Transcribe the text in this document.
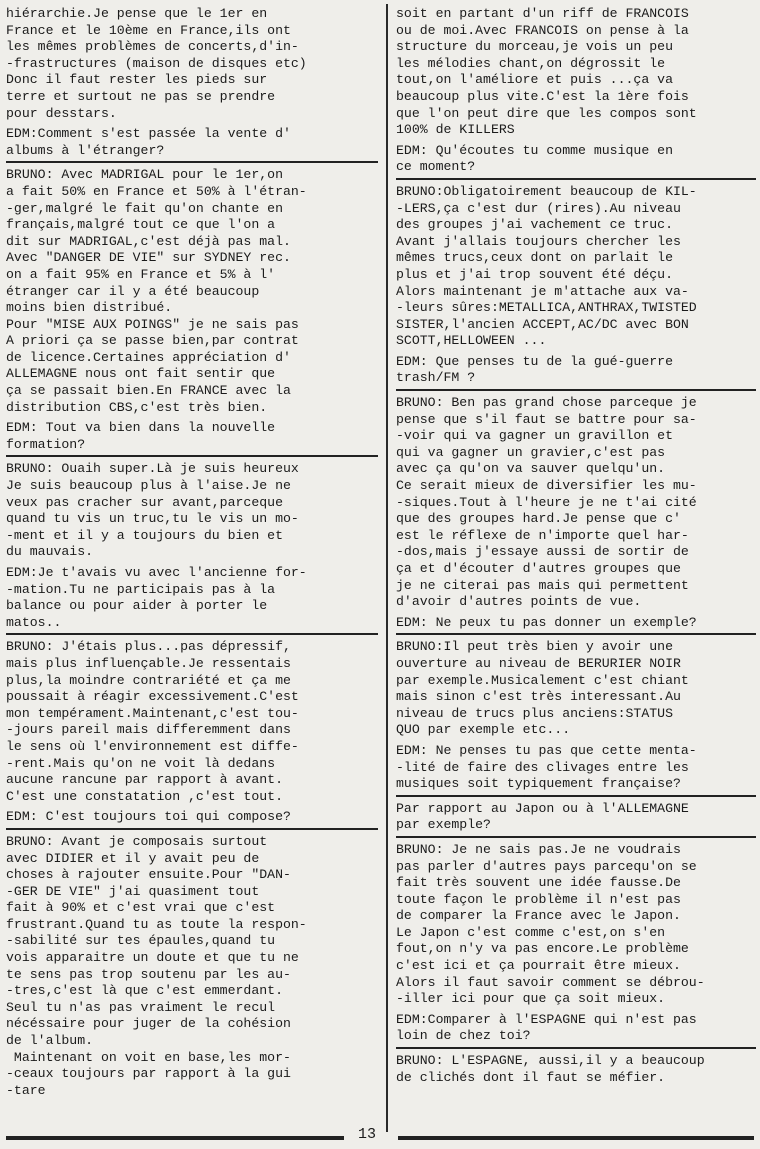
hiérarchie.Je pense que le 1er en
France et le 10ème en France,ils ont
les mêmes problèmes de concerts,d'in-
-frastructures (maison de disques etc)
Donc il faut rester les pieds sur
terre et surtout ne pas se prendre
pour desstars.

EDM:Comment s'est passée la vente d'
albums à l'étranger?

BRUNO: Avec MADRIGAL pour le 1er,on
a fait 50% en France et 50% à l'étran-
-ger,malgré le fait qu'on chante en
français,malgré tout ce que l'on a
dit sur MADRIGAL,c'est déjà pas mal.
Avec "DANGER DE VIE" sur SYDNEY rec.
on a fait 95% en France et 5% à l'
étranger car il y a été beaucoup
moins bien distribué.
Pour "MISE AUX POINGS" je ne sais pas
A priori ça se passe bien,par contrat
de licence.Certaines appréciation d'
ALLEMAGNE nous ont fait sentir que
ça se passait bien.En FRANCE avec la
distribution CBS,c'est très bien.

EDM: Tout va bien dans la nouvelle
formation?

BRUNO: Ouaih super.Là je suis heureux
Je suis beaucoup plus à l'aise.Je ne
veux pas cracher sur avant,parceque
quand tu vis un truc,tu le vis un mo-
-ment et il y a toujours du bien et
du mauvais.

EDM:Je t'avais vu avec l'ancienne for-
-mation.Tu ne participais pas à la
balance ou pour aider à porter le
matos..

BRUNO: J'étais plus...pas dépressif,
mais plus influençable.Je ressentais
plus,la moindre contrariété et ça me
poussait à réagir excessivement.C'est
mon tempérament.Maintenant,c'est tou-
-jours pareil mais differemment dans
le sens où l'environnement est diffe-
-rent.Mais qu'on ne voit là dedans
aucune rancune par rapport à avant.
C'est une constatation ,c'est tout.

EDM: C'est toujours toi qui compose?

BRUNO: Avant je composais surtout
avec DIDIER et il y avait peu de
choses à rajouter ensuite.Pour "DAN-
-GER DE VIE" j'ai quasiment tout
fait à 90% et c'est vrai que c'est
frustrant.Quand tu as toute la respon-
-sabilité sur tes épaules,quand tu
vois apparaitre un doute et que tu ne
te sens pas trop soutenu par les au-
-tres,c'est là que c'est emmerdant.
Seul tu n'as pas vraiment le recul
nécéssaire pour juger de la cohésion
de l'album.
Maintenant on voit en base,les mor-
-ceaux toujours par rapport à la gui
-tare

soit en partant d'un riff de FRANCOIS
ou de moi.Avec FRANCOIS on pense à la
structure du morceau,je vois un peu
les mélodies chant,on dégrossit le
tout,on l'améliore et puis ...ça va
beaucoup plus vite.C'est la 1ère fois
que l'on peut dire que les compos sont
100% de KILLERS

EDM: Qu'écoutes tu comme musique en
ce moment?

BRUNO:Obligatoirement beaucoup de KIL-
-LERS,ça c'est dur (rires).Au niveau
des groupes j'ai vachement ce truc.
Avant j'allais toujours chercher les
mêmes trucs,ceux dont on parlait le
plus et j'ai trop souvent été déçu.
Alors maintenant je m'attache aux va-
-leurs sûres:METALLICA,ANTHRAX,TWISTED
SISTER,l'ancien ACCEPT,AC/DC avec BON
SCOTT,HELLOWEEN ...

EDM: Que penses tu de la gué-guerre
trash/FM ?

BRUNO: Ben pas grand chose parceque je
pense que s'il faut se battre pour sa-
-voir qui va gagner un gravillon et
qui va gagner un gravier,c'est pas
avec ça qu'on va sauver quelqu'un.
Ce serait mieux de diversifier les mu-
-siques.Tout à l'heure je ne t'ai cité
que des groupes hard.Je pense que c'
est le réflexe de n'importe quel har-
-dos,mais j'essaye aussi de sortir de
ça et d'écouter d'autres groupes que
je ne citerai pas mais qui permettent
d'avoir d'autres points de vue.

EDM: Ne peux tu pas donner un exemple?

BRUNO:Il peut très bien y avoir une
ouverture au niveau de BERURIER NOIR
par exemple.Musicalement c'est chiant
mais sinon c'est très interessant.Au
niveau de trucs plus anciens:STATUS
QUO par exemple etc...

EDM: Ne penses tu pas que cette menta-
-lité de faire des clivages entre les
musiques soit typiquement française?

Par rapport au Japon ou à l'ALLEMAGNE
par exemple?

BRUNO: Je ne sais pas.Je ne voudrais
pas parler d'autres pays parcequ'on se
fait très souvent une idée fausse.De
toute façon le problème il n'est pas
de comparer la France avec le Japon.
Le Japon c'est comme c'est,on s'en
fout,on n'y va pas encore.Le problème
c'est ici et ça pourrait être mieux.
Alors il faut savoir comment se débrou-
-iller ici pour que ça soit mieux.

EDM:Comparer à l'ESPAGNE qui n'est pas
loin de chez toi?

BRUNO: L'ESPAGNE, aussi,il y a beaucoup
de clichés dont il faut se méfier.

13
